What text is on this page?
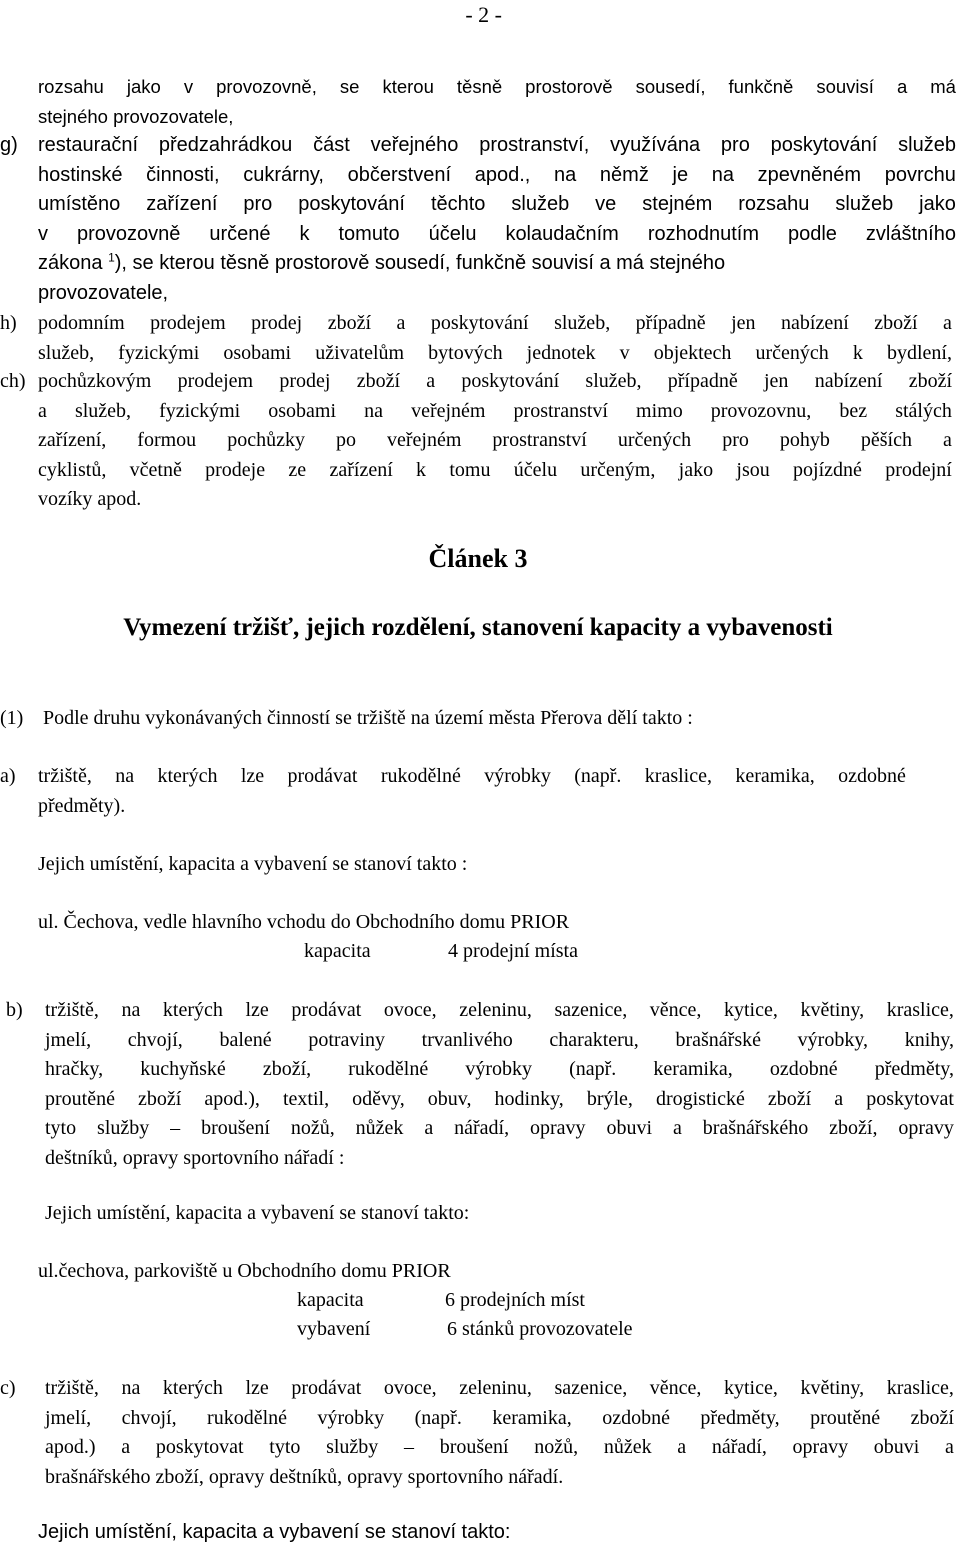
- 2 -
rozsahu jako v provozovně, se kterou těsně prostorově sousedí, funkčně souvisí a má
stejného provozovatele,
g) restaurační předzahrádkou část veřejného prostranství, využívána pro poskytování služeb
hostinské činnosti, cukrárny, občerstvení apod., na němž je na zpevněném povrchu
umístěno zařízení pro poskytování těchto služeb ve stejném rozsahu služeb jako
v provozovně určené k tomuto účelu kolaudačním rozhodnutím podle zvláštního
zákona $^1$), se kterou těsně prostorově sousedí, funkčně souvisí a má stejného
provozovatele,
h) podomním prodejem prodej zboží a poskytování služeb, případně jen nabízení zboží a
služeb, fyzickými osobami uživatelům bytových jednotek v objektech určených k bydlení,
ch) pochůzkovým prodejem prodej zboží a poskytování služeb, případně jen nabízení zboží
a služeb, fyzickými osobami na veřejném prostranství mimo provozovnu, bez stálých
zařízení, formou pochůzky po veřejném prostranství určených pro pohyb pěších a
cyklistů, včetně prodeje ze zařízení k tomu účelu určeným, jako jsou pojízdné prodejní
vozíky apod.
Článek 3
Vymezení tržišť, jejich rozdělení, stanovení kapacity a vybavenosti
(1) Podle druhu vykonávaných činností se tržiště na území města Přerova dělí takto :
a) tržiště, na kterých lze prodávat rukodělné výrobky (např. kraslice, keramika, ozdobné
předměty).
Jejich umístění, kapacita a vybavení se stanoví takto :
ul. Čechova, vedle hlavního vchodu do Obchodního domu PRIOR
kapacita	4 prodejní místa
b) tržiště, na kterých lze prodávat ovoce, zeleninu, sazenice, věnce, kytice, květiny, kraslice,
jmelí, chvojí, balené potraviny trvanlivého charakteru, brašnářské výrobky, knihy,
hračky, kuchyňské zboží, rukodělné výrobky (např. keramika, ozdobné předměty,
proutěné zboží apod.), textil, oděvy, obuv, hodinky, brýle, drogistické zboží a poskytovat
tyto služby – broušení nožů, nůžek a nářadí, opravy obuvi a brašnářského zboží, opravy
deštníků, opravy sportovního nářadí :
Jejich umístění, kapacita a vybavení se stanoví takto:
ul.čechova, parkoviště u Obchodního domu PRIOR
kapacita	6 prodejních míst
vybavení	6 stánků provozovatele
c) tržiště, na kterých lze prodávat ovoce, zeleninu, sazenice, věnce, kytice, květiny, kraslice,
jmelí, chvojí, rukodělné výrobky (např. keramika, ozdobné předměty, proutěné zboží
apod.) a poskytovat tyto služby – broušení nožů, nůžek a nářadí, opravy obuvi a
brašnářského zboží, opravy deštníků, opravy sportovního nářadí.
Jejich umístění, kapacita a vybavení se stanoví takto:
